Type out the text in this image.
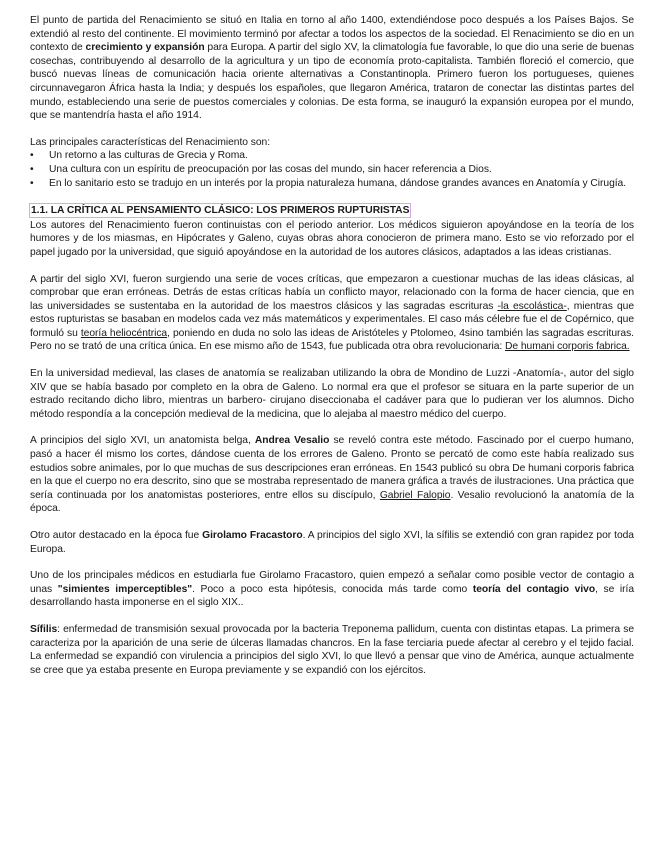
El punto de partida del Renacimiento se situó en Italia en torno al año 1400, extendiéndose poco después a los Países Bajos. Se extendió al resto del continente. El movimiento terminó por afectar a todos los aspectos de la sociedad. El Renacimiento se dio en un contexto de crecimiento y expansión para Europa. A partir del siglo XV, la climatología fue favorable, lo que dio una serie de buenas cosechas, contribuyendo al desarrollo de la agricultura y un tipo de economía proto-capitalista. También floreció el comercio, que buscó nuevas líneas de comunicación hacia oriente alternativas a Constantinopla. Primero fueron los portugueses, quienes circunnavegaron África hasta la India; y después los españoles, que llegaron América, trataron de conectar las distintas partes del mundo, estableciendo una serie de puestos comerciales y colonias. De esta forma, se inauguró la expansión europea por el mundo, que se mantendría hasta el año 1914.

Las principales características del Renacimiento son:

• Un retorno a las culturas de Grecia y Roma.
• Una cultura con un espíritu de preocupación por las cosas del mundo, sin hacer referencia a Dios.
• En lo sanitario esto se tradujo en un interés por la propia naturaleza humana, dándose grandes avances en Anatomía y Cirugía.
1.1. LA CRÍTICA AL PENSAMIENTO CLÁSICO: LOS PRIMEROS RUPTURISTAS

Los autores del Renacimiento fueron continuistas con el periodo anterior. Los médicos siguieron apoyándose en la teoría de los humores y de los miasmas, en Hipócrates y Galeno, cuyas obras ahora conocieron de primera mano. Esto se vio reforzado por el papel jugado por la universidad, que siguió apoyándose en la autoridad de los autores clásicos, adaptados a las ideas cristianas.

A partir del siglo XVI, fueron surgiendo una serie de voces críticas, que empezaron a cuestionar muchas de las ideas clásicas, al comprobar que eran erróneas. Detrás de estas críticas había un conflicto mayor, relacionado con la forma de hacer ciencia, que en las universidades se sustentaba en la autoridad de los maestros clásicos y las sagradas escrituras -la escolástica-, mientras que estos rupturistas se basaban en modelos cada vez más matemáticos y experimentales. El caso más célebre fue el de Copérnico, que formuló su teoría heliocéntrica, poniendo en duda no solo las ideas de Aristóteles y Ptolomeo, 4sino también las sagradas escrituras. Pero no se trató de una crítica única. En ese mismo año de 1543, fue publicada otra obra revolucionaria: De humani corporis fabrica.

En la universidad medieval, las clases de anatomía se realizaban utilizando la obra de Mondino de Luzzi -Anatomía-, autor del siglo XIV que se había basado por completo en la obra de Galeno. Lo normal era que el profesor se situara en la parte superior de un estrado recitando dicho libro, mientras un barbero- cirujano diseccionaba el cadáver para que lo pudieran ver los alumnos. Dicho método respondía a la concepción medieval de la medicina, que lo alejaba al maestro médico del cuerpo.

A principios del siglo XVI, un anatomista belga, Andrea Vesalio se reveló contra este método. Fascinado por el cuerpo humano, pasó a hacer él mismo los cortes, dándose cuenta de los errores de Galeno. Pronto se percató de como este había realizado sus estudios sobre animales, por lo que muchas de sus descripciones eran erróneas. En 1543 publicó su obra De humani corporis fabrica en la que el cuerpo no era descrito, sino que se mostraba representado de manera gráfica a través de ilustraciones. Una práctica que sería continuada por los anatomistas posteriores, entre ellos su discípulo, Gabriel Falopio. Vesalio revolucionó la anatomía de la época.

Otro autor destacado en la época fue Girolamo Fracastoro. A principios del siglo XVI, la sífilis se extendió con gran rapidez por toda Europa.

Uno de los principales médicos en estudiarla fue Girolamo Fracastoro, quien empezó a señalar como posible vector de contagio a unas "simientes imperceptibles". Poco a poco esta hipótesis, conocida más tarde como teoría del contagio vivo, se iría desarrollando hasta imponerse en el siglo XIX..

Sífilis: enfermedad de transmisión sexual provocada por la bacteria Treponema pallidum, cuenta con distintas etapas. La primera se caracteriza por la aparición de una serie de úlceras llamadas chancros. En la fase terciaria puede afectar al cerebro y el tejido facial. La enfermedad se expandió con virulencia a principios del siglo XVI, lo que llevó a pensar que vino de América, aunque actualmente se cree que ya estaba presente en Europa previamente y se expandió con los ejércitos.
